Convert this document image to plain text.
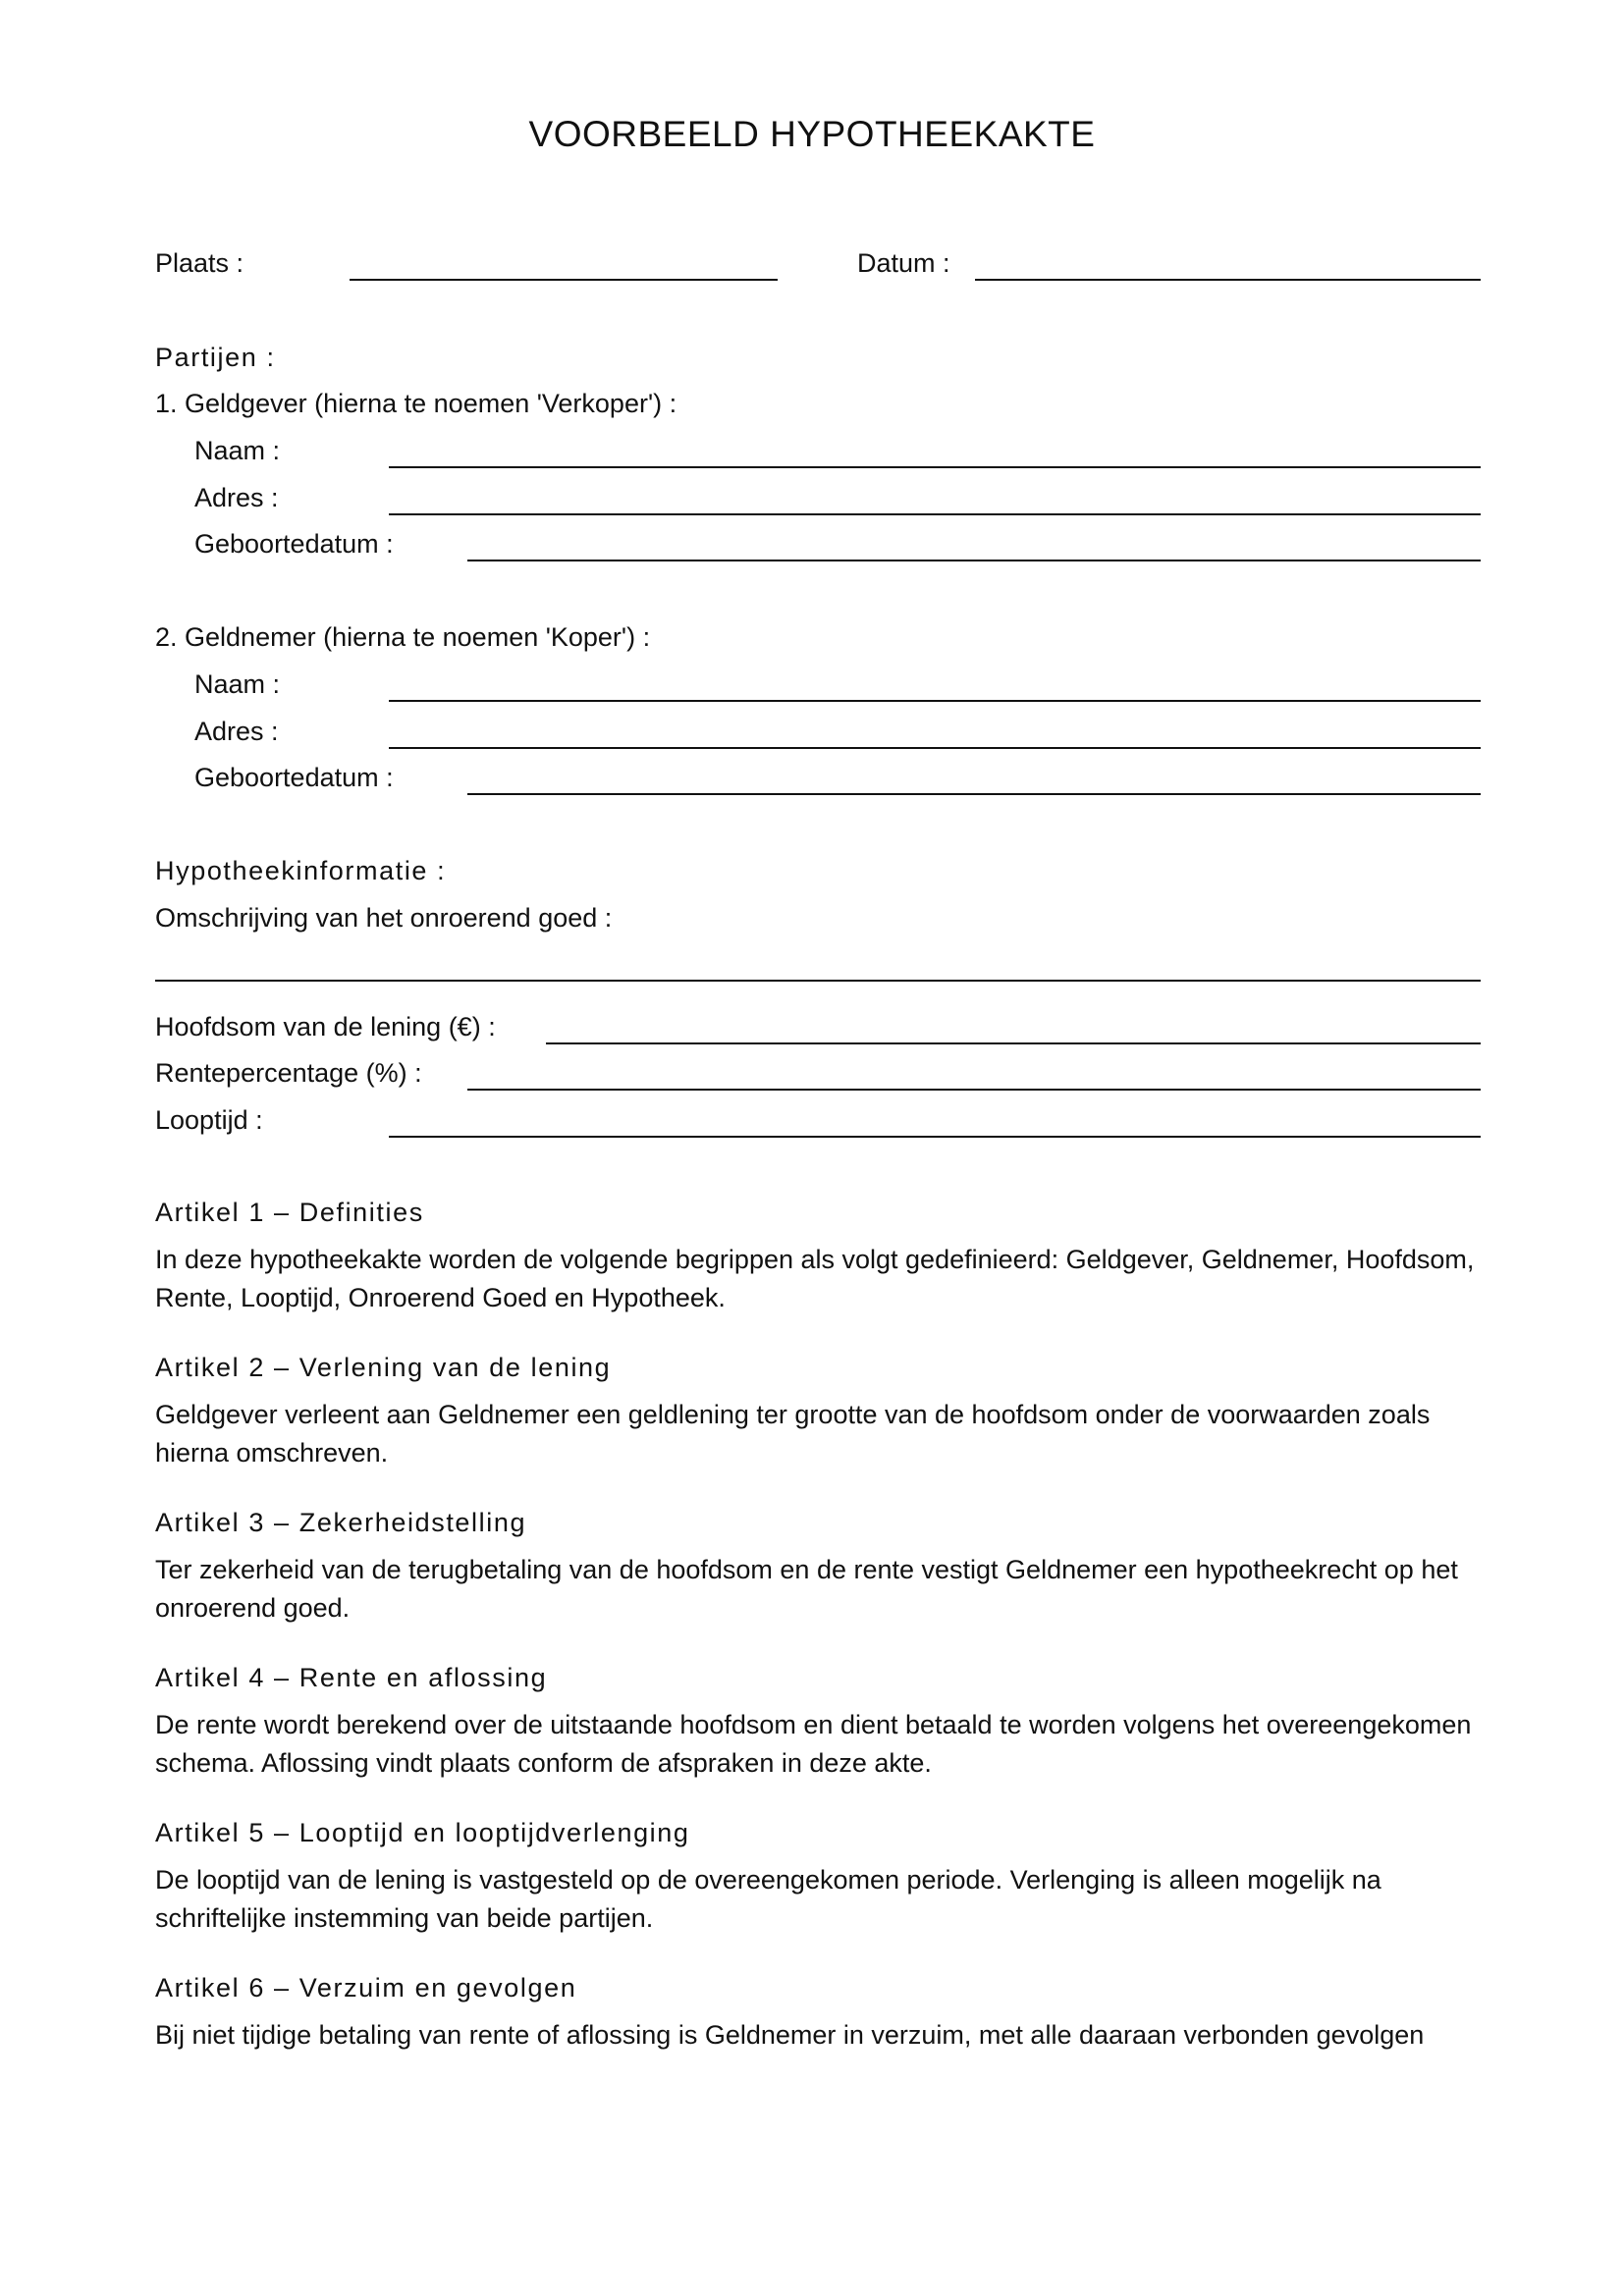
VOORBEELD HYPOTHEEKAKTE
Plaats :	Datum :
Partijen :
1. Geldgever (hierna te noemen 'Verkoper') :
Naam :
Adres :
Geboortedatum :
2. Geldnemer (hierna te noemen 'Koper') :
Naam :
Adres :
Geboortedatum :
Hypotheekinformatie :
Omschrijving van het onroerend goed :
Hoofdsom van de lening (€) :
Rentepercentage (%) :
Looptijd :
Artikel 1 – Definities
In deze hypotheekakte worden de volgende begrippen als volgt gedefinieerd: Geldgever, Geldnemer, Hoofdsom, Rente, Looptijd, Onroerend Goed en Hypotheek.
Artikel 2 – Verlening van de lening
Geldgever verleent aan Geldnemer een geldlening ter grootte van de hoofdsom onder de voorwaarden zoals hierna omschreven.
Artikel 3 – Zekerheidstelling
Ter zekerheid van de terugbetaling van de hoofdsom en de rente vestigt Geldnemer een hypotheekrecht op het onroerend goed.
Artikel 4 – Rente en aflossing
De rente wordt berekend over de uitstaande hoofdsom en dient betaald te worden volgens het overeengekomen schema. Aflossing vindt plaats conform de afspraken in deze akte.
Artikel 5 – Looptijd en looptijdverlenging
De looptijd van de lening is vastgesteld op de overeengekomen periode. Verlenging is alleen mogelijk na schriftelijke instemming van beide partijen.
Artikel 6 – Verzuim en gevolgen
Bij niet tijdige betaling van rente of aflossing is Geldnemer in verzuim, met alle daaraan verbonden gevolgen
